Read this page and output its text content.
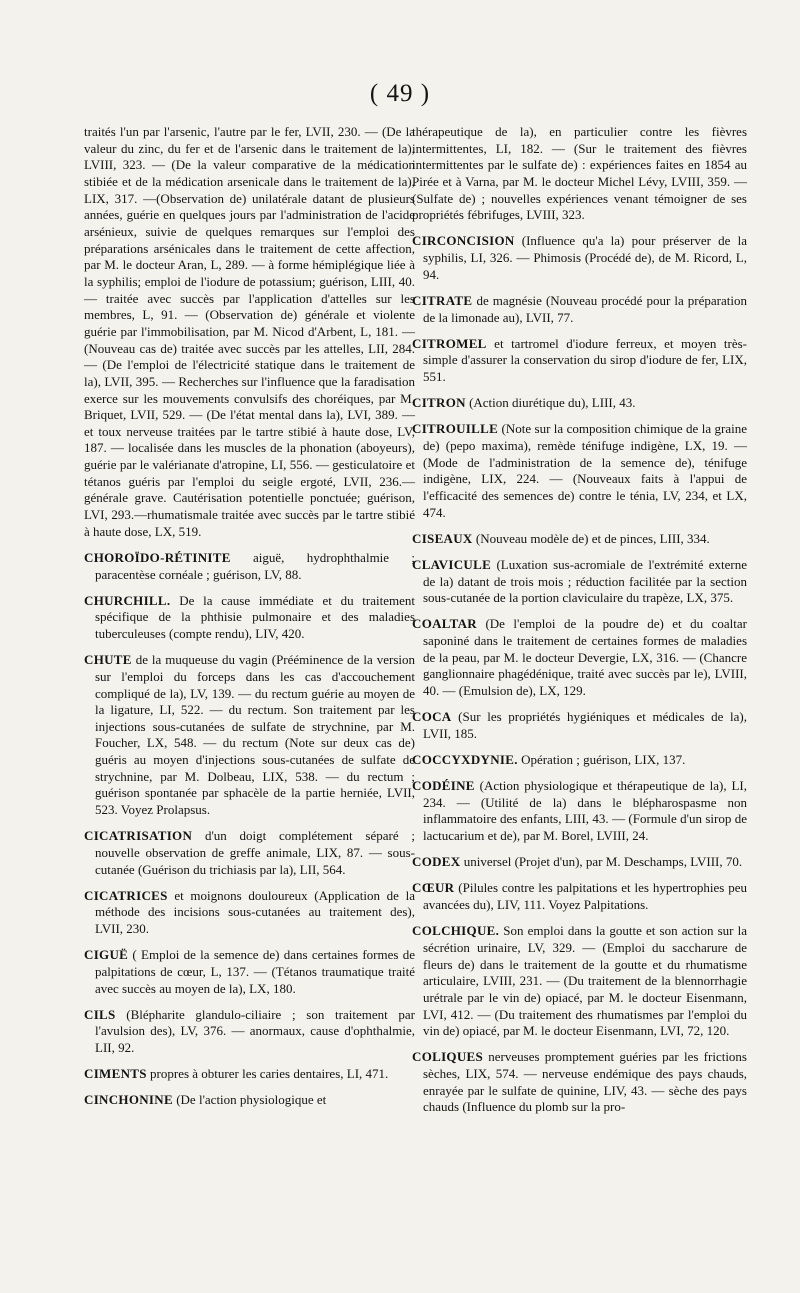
( 49 )

traités l'un par l'arsenic, l'autre par le fer, LVII, 230. — (De la valeur du zinc, du fer et de l'arsenic dans le traitement de la), LVIII, 323. — (De la valeur comparative de la médication stibiée et de la médication arsenicale dans le traitement de la), LIX, 317. —(Observation de) unilatérale datant de plusieurs années, guérie en quelques jours par l'administration de l'acide arsénieux, suivie de quelques remarques sur l'emploi des préparations arsénicales dans le traitement de cette affection, par M. le docteur Aran, L, 289. — à forme hémiplégique liée à la syphilis; emploi de l'iodure de potassium; guérison, LIII, 40. — traitée avec succès par l'application d'attelles sur les membres, L, 91. — (Observation de) générale et violente guérie par l'immobilisation, par M. Nicod d'Arbent, L, 181. — (Nouveau cas de) traitée avec succès par les attelles, LII, 284. — (De l'emploi de l'électricité statique dans le traitement de la), LVII, 395. — Recherches sur l'influence que la faradisation exerce sur les mouvements convulsifs des choréiques, par M. Briquet, LVII, 529. — (De l'état mental dans la), LVI, 389. — et toux nerveuse traitées par le tartre stibié à haute dose, LV, 187. — localisée dans les muscles de la phonation (aboyeurs), guérie par le valérianate d'atropine, LI, 556. — gesticulatoire et tétanos guéris par l'emploi du seigle ergoté, LVII, 236.— générale grave. Cautérisation potentielle ponctuée; guérison, LVI, 293.—rhumatismale traitée avec succès par le tartre stibié à haute dose, LX, 519.

CHOROÏDO-RÉTINITE aiguë, hydrophthalmie ; paracentèse cornéale ; guérison, LV, 88.

CHURCHILL. De la cause immédiate et du traitement spécifique de la phthisie pulmonaire et des maladies tuberculeuses (compte rendu), LIV, 420.

CHUTE de la muqueuse du vagin (Prééminence de la version sur l'emploi du forceps dans les cas d'accouchement compliqué de la), LV, 139. — du rectum guérie au moyen de la ligature, LI, 522. — du rectum. Son traitement par les injections sous-cutanées de sulfate de strychnine, par M. Foucher, LX, 548. — du rectum (Note sur deux cas de) guéris au moyen d'injections sous-cutanées de sulfate de strychnine, par M. Dolbeau, LIX, 538. — du rectum ; guérison spontanée par sphacèle de la partie herniée, LVII, 523. Voyez Prolapsus.

CICATRISATION d'un doigt complétement séparé ; nouvelle observation de greffe animale, LIX, 87. — sous-cutanée (Guérison du trichiasis par la), LII, 564.

CICATRICES et moignons douloureux (Application de la méthode des incisions sous-cutanées au traitement des), LVII, 230.

CIGUË ( Emploi de la semence de) dans certaines formes de palpitations de cœur, L, 137. — (Tétanos traumatique traité avec succès au moyen de la), LX, 180.

CILS (Blépharite glandulo-ciliaire ; son traitement par l'avulsion des), LV, 376. — anormaux, cause d'ophthalmie, LII, 92.

CIMENTS propres à obturer les caries dentaires, LI, 471.

CINCHONINE (De l'action physiologique et

thérapeutique de la), en particulier contre les fièvres intermittentes, LI, 182. — (Sur le traitement des fièvres intermittentes par le sulfate de) : expériences faites en 1854 au Pirée et à Varna, par M. le docteur Michel Lévy, LVIII, 359. — (Sulfate de) ; nouvelles expériences venant témoigner de ses propriétés fébrifuges, LVIII, 323.

CIRCONCISION (Influence qu'a la) pour préserver de la syphilis, LI, 326. — Phimosis (Procédé de), de M. Ricord, L, 94.

CITRATE de magnésie (Nouveau procédé pour la préparation de la limonade au), LVII, 77.

CITROMEL et tartromel d'iodure ferreux, et moyen très-simple d'assurer la conservation du sirop d'iodure de fer, LIX, 551.

CITRON (Action diurétique du), LIII, 43.

CITROUILLE (Note sur la composition chimique de la graine de) (pepo maxima), remède ténifuge indigène, LX, 19. — (Mode de l'administration de la semence de), ténifuge indigène, LIX, 224. — (Nouveaux faits à l'appui de l'efficacité des semences de) contre le ténia, LV, 234, et LX, 474.

CISEAUX (Nouveau modèle de) et de pinces, LIII, 334.

CLAVICULE (Luxation sus-acromiale de l'extrémité externe de la) datant de trois mois ; réduction facilitée par la section sous-cutanée de la portion claviculaire du trapèze, LX, 375.

COALTAR (De l'emploi de la poudre de) et du coaltar saponiné dans le traitement de certaines formes de maladies de la peau, par M. le docteur Devergie, LX, 316. — (Chancre ganglionnaire phagédénique, traité avec succès par le), LVIII, 40. — (Emulsion de), LX, 129.

COCA (Sur les propriétés hygiéniques et médicales de la), LVII, 185.

COCCYXDYNIE. Opération ; guérison, LIX, 137.

CODÉINE (Action physiologique et thérapeutique de la), LI, 234. — (Utilité de la) dans le blépharospasme non inflammatoire des enfants, LIII, 43. — (Formule d'un sirop de lactucarium et de), par M. Borel, LVIII, 24.

CODEX universel (Projet d'un), par M. Deschamps, LVIII, 70.

CŒUR (Pilules contre les palpitations et les hypertrophies peu avancées du), LIV, 111. Voyez Palpitations.

COLCHIQUE. Son emploi dans la goutte et son action sur la sécrétion urinaire, LV, 329. — (Emploi du saccharure de fleurs de) dans le traitement de la goutte et du rhumatisme articulaire, LVIII, 231. — (Du traitement de la blennorrhagie urétrale par le vin de) opiacé, par M. le docteur Eisenmann, LVI, 412. — (Du traitement des rhumatismes par l'emploi du vin de) opiacé, par M. le docteur Eisenmann, LVI, 72, 120.

COLIQUES nerveuses promptement guéries par les frictions sèches, LIX, 574. — nerveuse endémique des pays chauds, enrayée par le sulfate de quinine, LIV, 43. — sèche des pays chauds (Influence du plomb sur la pro-
